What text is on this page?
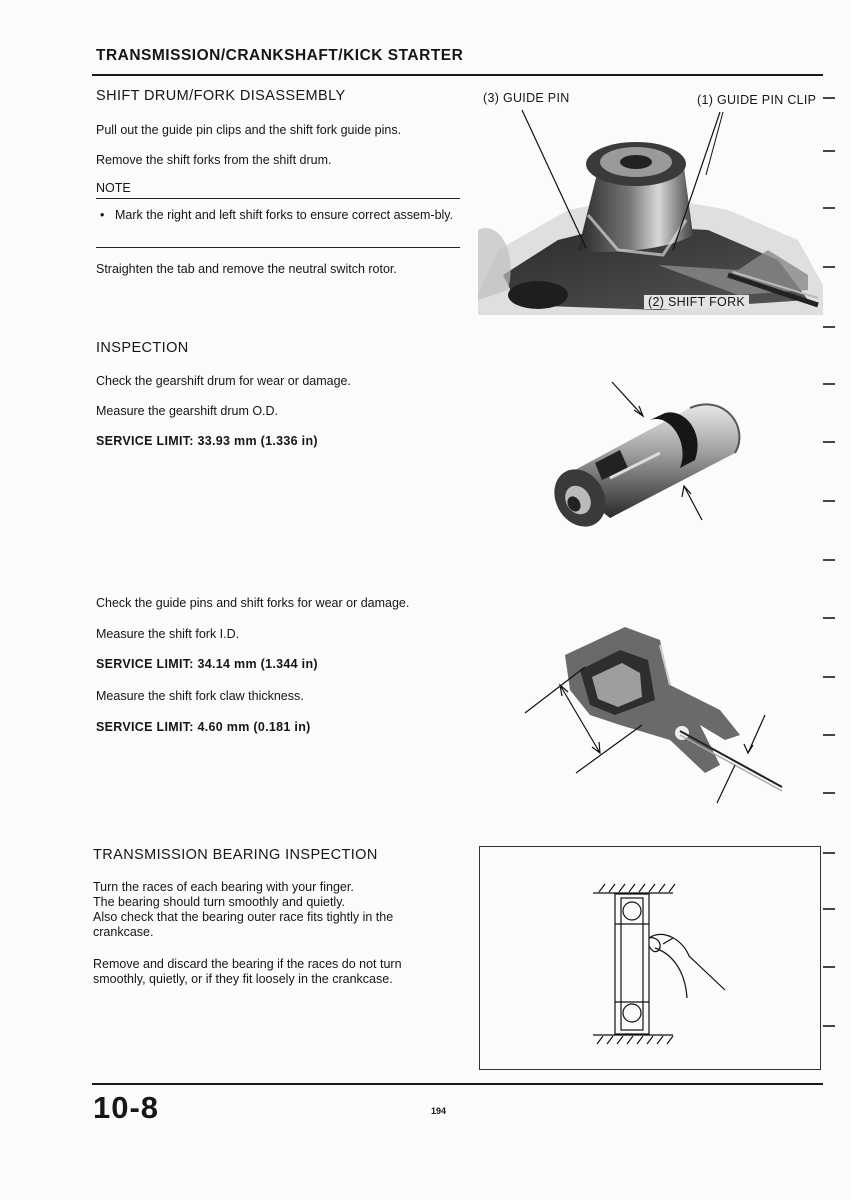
TRANSMISSION/CRANKSHAFT/KICK STARTER
SHIFT DRUM/FORK DISASSEMBLY
Pull out the guide pin clips and the shift fork guide pins.
Remove the shift forks from the shift drum.
NOTE
• Mark the right and left shift forks to ensure correct assem-bly.
Straighten the tab and remove the neutral switch rotor.
(3) GUIDE PIN	(1) GUIDE PIN CLIP
(2) SHIFT FORK
INSPECTION
Check the gearshift drum for wear or damage.
Measure the gearshift drum O.D.
SERVICE LIMIT: 33.93 mm (1.336 in)
Check the guide pins and shift forks for wear or damage.
Measure the shift fork I.D.
SERVICE LIMIT: 34.14 mm (1.344 in)
Measure the shift fork claw thickness.
SERVICE LIMIT: 4.60 mm (0.181 in)
TRANSMISSION BEARING INSPECTION
Turn the races of each bearing with your finger.
The bearing should turn smoothly and quietly.
Also check that the bearing outer race fits tightly in the
crankcase.
Remove and discard the bearing if the races do not turn
smoothly, quietly, or if they fit loosely in the crankcase.
10-8	194
